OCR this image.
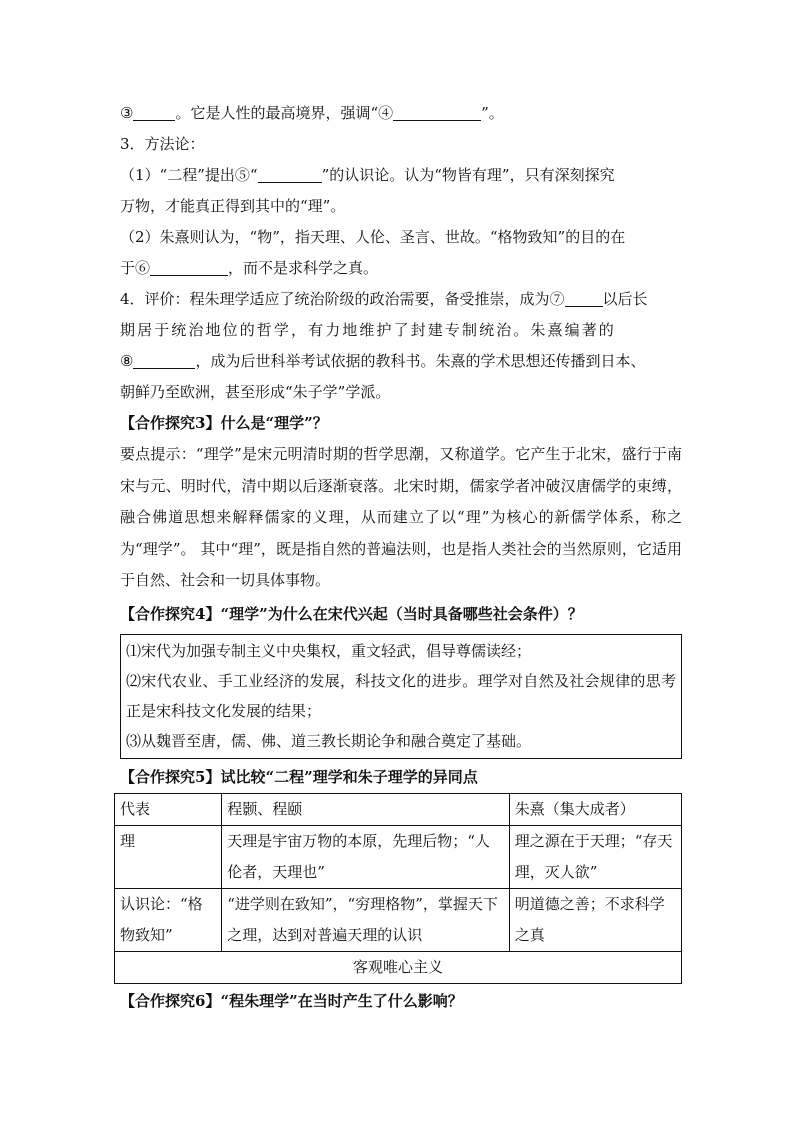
③	。它是人性的最高境界，强调“④	”。
3．方法论：
（1）“二程”提出⑤“	”的认识论。认为“物皆有理”，只有深刻探究
万物，才能真正得到其中的“理”。
（2）朱熹则认为，“物”，指天理、人伦、圣言、世故。“格物致知”的目的在
于⑥	，而不是求科学之真。
4．评价：程朱理学适应了统治阶级的政治需要，备受推崇，成为⑦	以后长
期居于统治地位的哲学，有力地维护了封建专制统治。朱熹编著的
⑧	，成为后世科举考试依据的教科书。朱熹的学术思想还传播到日本、
朝鲜乃至欧洲，甚至形成“朱子学”学派。
【合作探究3】什么是“理学”？
要点提示：“理学”是宋元明清时期的哲学思潮，又称道学。它产生于北宋，盛行于南宋与元、明时代，清中期以后逐渐衰落。北宋时期，儒家学者冲破汉唐儒学的束缚，融合佛道思想来解释儒家的义理，从而建立了以“理”为核心的新儒学体系，称之为“理学”。 其中“理”，既是指自然的普遍法则，也是指人类社会的当然原则，它适用于自然、社会和一切具体事物。
【合作探究4】“理学”为什么在宋代兴起（当时具备哪些社会条件）？
⑴宋代为加强专制主义中央集权，重文轻武，倡导尊儒读经；
⑵宋代农业、手工业经济的发展，科技文化的进步。理学对自然及社会规律的思考正是宋科技文化发展的结果；
⑶从魏晋至唐，儒、佛、道三教长期论争和融合奠定了基础。
【合作探究5】试比较“二程”理学和朱子理学的异同点
代表	程颢、程颐	朱熹（集大成者）
理	天理是宇宙万物的本原，先理后物；“人伦者，天理也”	理之源在于天理；“存天理，灭人欲”
认识论：“格物致知”	“进学则在致知”，“穷理格物”，掌握天下之理，达到对普遍天理的认识	明道德之善；不求科学之真
客观唯心主义		
【合作探究6】“程朱理学”在当时产生了什么影响？
